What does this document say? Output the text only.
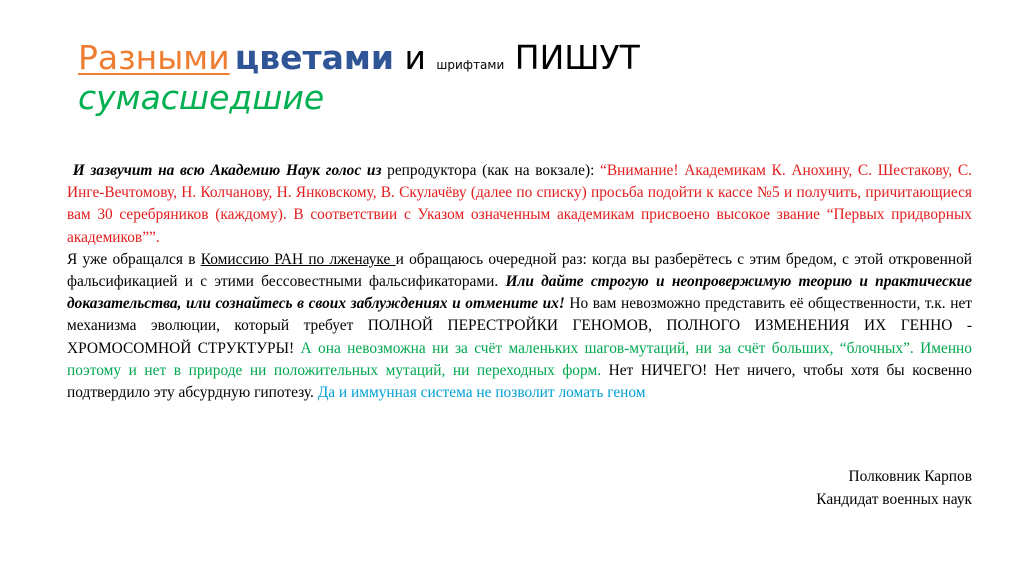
Разными цветами и шрифтами ПИШУТ
сумасшедшие

И зазвучит на всю Академию Наук голос из репродуктора (как на вокзале): “Внимание! Академикам К. Анохину, С. Шестакову, С. Инге-Вечтомову, Н. Колчанову, Н. Янковскому, В. Скулачёву (далее по списку) просьба подойти к кассе №5 и получить, причитающиеся вам 30 серебряников (каждому). В соответствии с Указом означенным академикам присвоено высокое звание “Первых придворных академиков””.

Я уже обращался в Комиссию РАН по лженауке и обращаюсь очередной раз: когда вы разберётесь с этим бредом, с этой откровенной фальсификацией и с этими бессовестными фальсификаторами. Или дайте строгую и неопровержимую теорию и практические доказательства, или сознайтесь в своих заблуждениях и отмените их! Но вам невозможно представить её общественности, т.к. нет механизма эволюции, который требует ПОЛНОЙ ПЕРЕСТРОЙКИ ГЕНОМОВ, ПОЛНОГО ИЗМЕНЕНИЯ ИХ ГЕННО - ХРОМОСОМНОЙ СТРУКТУРЫ! А она невозможна ни за счёт маленьких шагов-мутаций, ни за счёт больших, “блочных”. Именно поэтому и нет в природе ни положительных мутаций, ни переходных форм. Нет НИЧЕГО! Нет ничего, чтобы хотя бы косвенно подтвердило эту абсурдную гипотезу. Да и иммунная система не позволит ломать геном

Полковник Карпов
Кандидат военных наук
